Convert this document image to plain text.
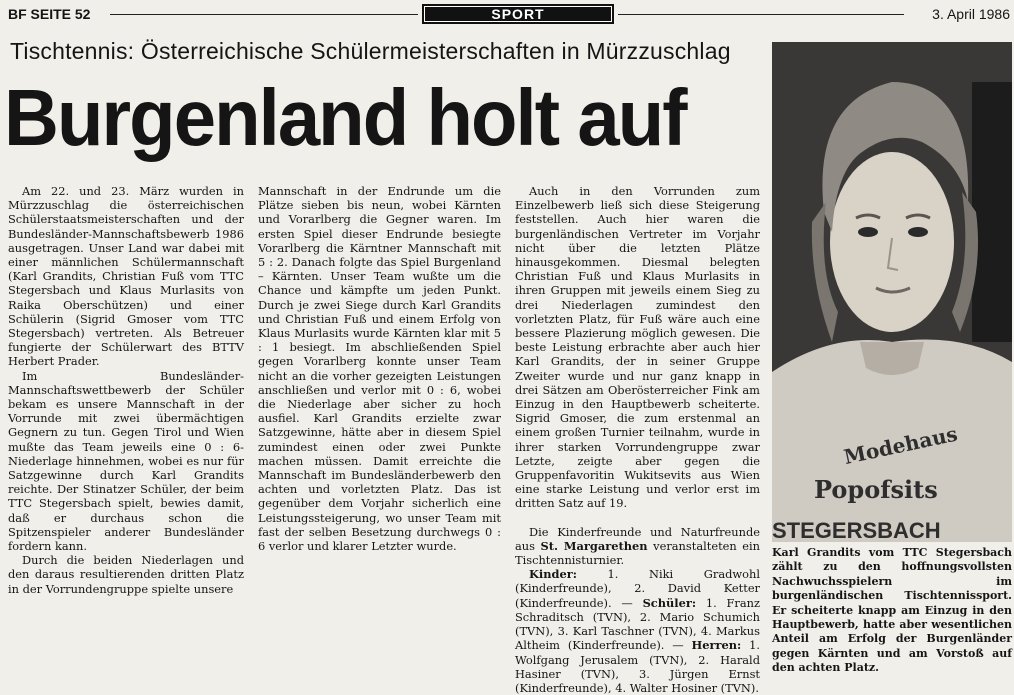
BF SEITE 52	SPORT	3. April 1986
Tischtennis: Österreichische Schülermeisterschaften in Mürzzuschlag
Burgenland holt auf

Am 22. und 23. März wurden in Mürzzuschlag die österreichischen Schülerstaatsmeisterschaften und der Bundesländer-Mannschaftsbewerb 1986 ausgetragen. Unser Land war dabei mit einer männlichen Schülermannschaft (Karl Grandits, Christian Fuß vom TTC Stegersbach und Klaus Murlasits von Raika Oberschützen) und einer Schülerin (Sigrid Gmoser vom TTC Stegersbach) vertreten. Als Betreuer fungierte der Schülerwart des BTTV Herbert Prader.

Im Bundesländer-Mannschaftswettbewerb der Schüler bekam es unsere Mannschaft in der Vorrunde mit zwei übermächtigen Gegnern zu tun. Gegen Tirol und Wien mußte das Team jeweils eine 0 : 6-Niederlage hinnehmen, wobei es nur für Satzgewinne durch Karl Grandits reichte. Der Stinatzer Schüler, der beim TTC Stegersbach spielt, bewies damit, daß er durchaus schon die Spitzenspieler anderer Bundesländer fordern kann.

Durch die beiden Niederlagen und den daraus resultierenden dritten Platz in der Vorrundengruppe spielte unsere

Mannschaft in der Endrunde um die Plätze sieben bis neun, wobei Kärnten und Vorarlberg die Gegner waren. Im ersten Spiel dieser Endrunde besiegte Vorarlberg die Kärntner Mannschaft mit 5 : 2. Danach folgte das Spiel Burgenland – Kärnten. Unser Team wußte um die Chance und kämpfte um jeden Punkt. Durch je zwei Siege durch Karl Grandits und Christian Fuß und einem Erfolg von Klaus Murlasits wurde Kärnten klar mit 5 : 1 besiegt. Im abschließenden Spiel gegen Vorarlberg konnte unser Team nicht an die vorher gezeigten Leistungen anschließen und verlor mit 0 : 6, wobei die Niederlage aber sicher zu hoch ausfiel. Karl Grandits erzielte zwar Satzgewinne, hätte aber in diesem Spiel zumindest einen oder zwei Punkte machen müssen. Damit erreichte die Mannschaft im Bundesländerbewerb den achten und vorletzten Platz. Das ist gegenüber dem Vorjahr sicherlich eine Leistungssteigerung, wo unser Team mit fast der selben Besetzung durchwegs 0 : 6 verlor und klarer Letzter wurde.

Auch in den Vorrunden zum Einzelbewerb ließ sich diese Steigerung feststellen. Auch hier waren die burgenländischen Vertreter im Vorjahr nicht über die letzten Plätze hinausgekommen. Diesmal belegten Christian Fuß und Klaus Murlasits in ihren Gruppen mit jeweils einem Sieg zu drei Niederlagen zumindest den vorletzten Platz, für Fuß wäre auch eine bessere Plazierung möglich gewesen. Die beste Leistung erbrachte aber auch hier Karl Grandits, der in seiner Gruppe Zweiter wurde und nur ganz knapp in drei Sätzen am Oberösterreicher Fink am Einzug in den Hauptbewerb scheiterte. Sigrid Gmoser, die zum erstenmal an einem großen Turnier teilnahm, wurde in ihrer starken Vorrundengruppe zwar Letzte, zeigte aber gegen die Gruppenfavoritin Wukitsevits aus Wien eine starke Leistung und verlor erst im dritten Satz auf 19.

Die Kinderfreunde und Naturfreunde aus St. Margarethen veranstalteten ein Tischtennisturnier.

Kinder: 1. Niki Gradwohl (Kinderfreunde), 2. David Ketter (Kinderfreunde). — Schüler: 1. Franz Schraditsch (TVN), 2. Mario Schumich (TVN), 3. Karl Taschner (TVN), 4. Markus Altheim (Kinderfreunde). — Herren: 1. Wolfgang Jerusalem (TVN), 2. Harald Hasiner (TVN), 3. Jürgen Ernst (Kinderfreunde), 4. Walter Hosiner (TVN).

Modehaus
Popofsits
STEGERSBACH
Karl Grandits vom TTC Stegersbach zählt zu den hoffnungsvollsten Nachwuchsspielern im burgenländischen Tischtennissport. Er scheiterte knapp am Einzug in den Hauptbewerb, hatte aber wesentlichen Anteil am Erfolg der Burgenländer gegen Kärnten und am Vorstoß auf den achten Platz.
